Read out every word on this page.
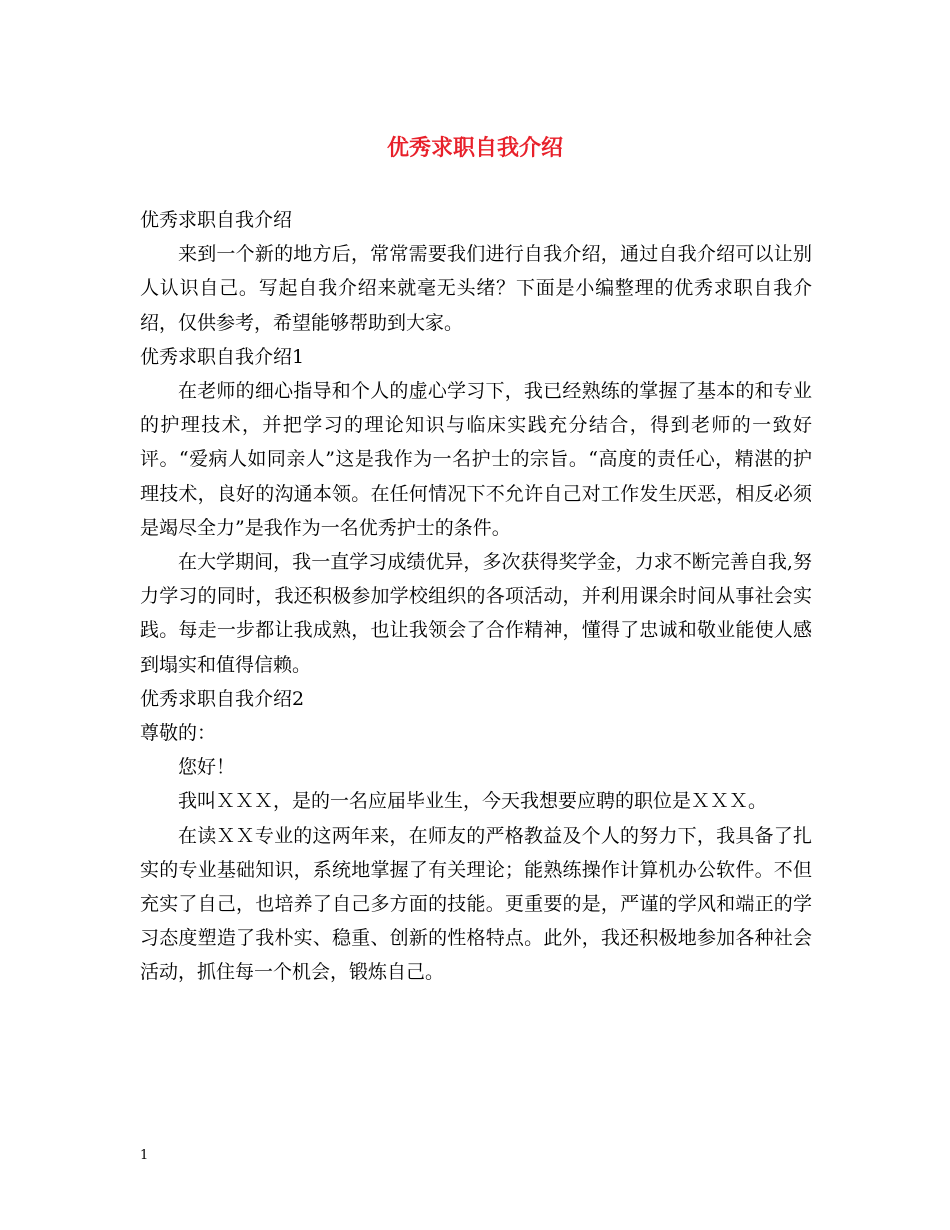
优秀求职自我介绍

优秀求职自我介绍

来到一个新的地方后，常常需要我们进行自我介绍，通过自我介绍可以让别人认识自己。写起自我介绍来就毫无头绪？下面是小编整理的优秀求职自我介绍，仅供参考，希望能够帮助到大家。

优秀求职自我介绍1

在老师的细心指导和个人的虚心学习下，我已经熟练的掌握了基本的和专业的护理技术，并把学习的理论知识与临床实践充分结合，得到老师的一致好评。“爱病人如同亲人”这是我作为一名护士的宗旨。“高度的责任心，精湛的护理技术，良好的沟通本领。在任何情况下不允许自己对工作发生厌恶，相反必须是竭尽全力”是我作为一名优秀护士的条件。

在大学期间，我一直学习成绩优异，多次获得奖学金，力求不断完善自我,努力学习的同时，我还积极参加学校组织的各项活动，并利用课余时间从事社会实践。每走一步都让我成熟，也让我领会了合作精神，懂得了忠诚和敬业能使人感到塌实和值得信赖。

优秀求职自我介绍2

尊敬的：

您好！

我叫ＸＸＸ，是的一名应届毕业生，今天我想要应聘的职位是ＸＸＸ。

在读ＸＸ专业的这两年来，在师友的严格教益及个人的努力下，我具备了扎实的专业基础知识，系统地掌握了有关理论；能熟练操作计算机办公软件。不但充实了自己，也培养了自己多方面的技能。更重要的是，严谨的学风和端正的学习态度塑造了我朴实、稳重、创新的性格特点。此外，我还积极地参加各种社会活动，抓住每一个机会，锻炼自己。

1
